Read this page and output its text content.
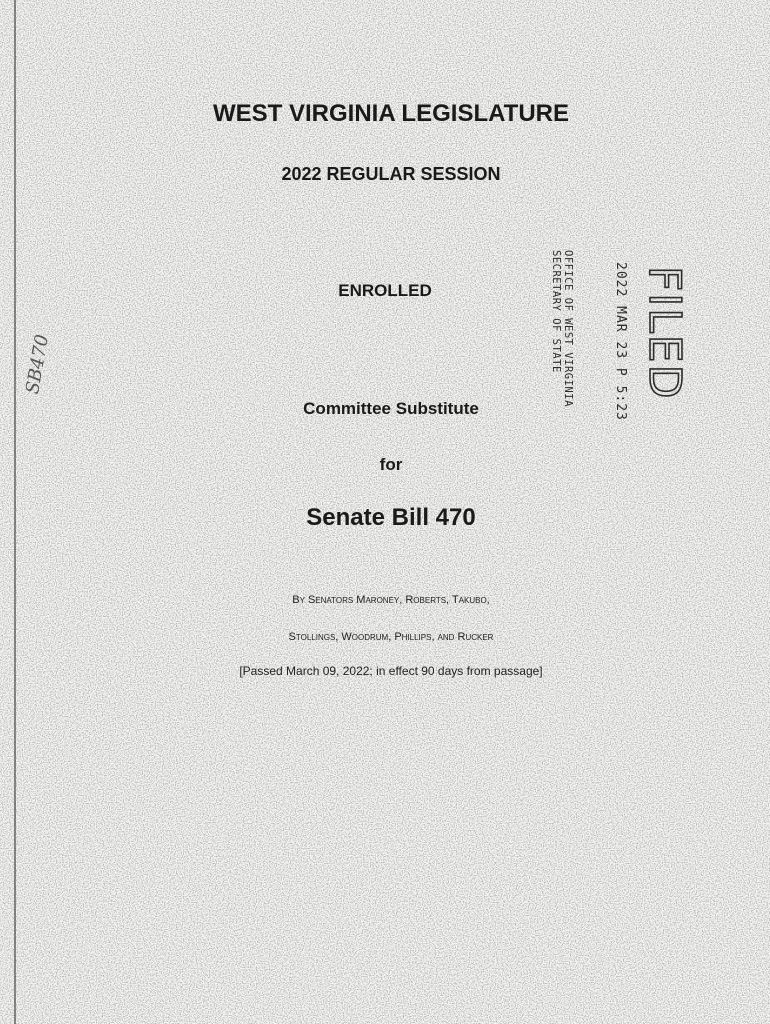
WEST VIRGINIA LEGISLATURE
2022 REGULAR SESSION
ENROLLED
Committee Substitute
for
Senate Bill 470
By Senators Maroney, Roberts, Takubo,
Stollings, Woodrum, Phillips, and Rucker
[Passed March 09, 2022; in effect 90 days from passage]
SB470	OFFICE OF WEST VIRGINIA
SECRETARY OF STATE	2022 MAR 23 P 5:23 FILED
